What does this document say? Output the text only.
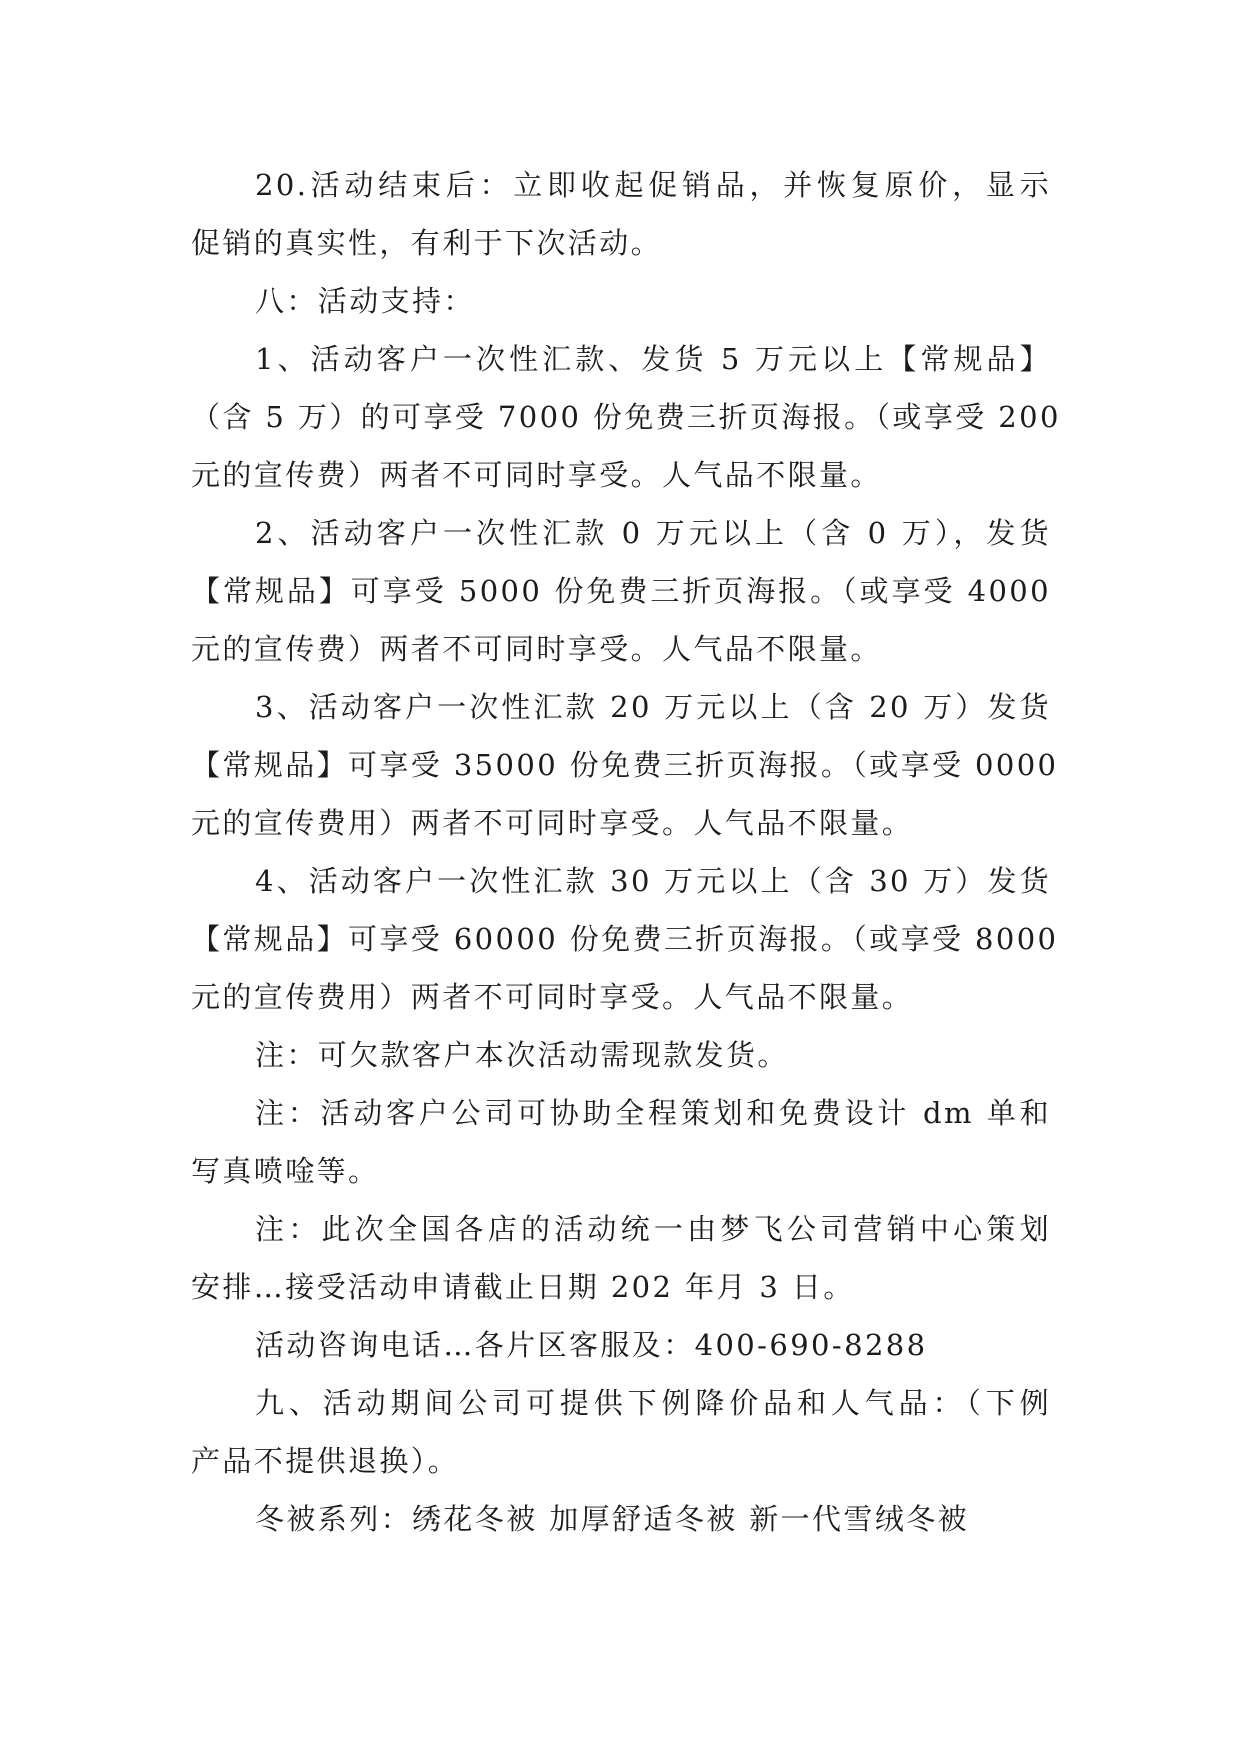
20.活动结束后：立即收起促销品，并恢复原价，显示
促销的真实性，有利于下次活动。
八：活动支持：
1、活动客户一次性汇款、发货 5 万元以上【常规品】
（含 5 万）的可享受 7000 份免费三折页海报。（或享受 200
元的宣传费）两者不可同时享受。人气品不限量。
2、活动客户一次性汇款 0 万元以上（含 0 万），发货
【常规品】可享受 5000 份免费三折页海报。（或享受 4000
元的宣传费）两者不可同时享受。人气品不限量。
3、活动客户一次性汇款 20 万元以上（含 20 万）发货
【常规品】可享受 35000 份免费三折页海报。（或享受 0000
元的宣传费用）两者不可同时享受。人气品不限量。
4、活动客户一次性汇款 30 万元以上（含 30 万）发货
【常规品】可享受 60000 份免费三折页海报。（或享受 8000
元的宣传费用）两者不可同时享受。人气品不限量。
注：可欠款客户本次活动需现款发货。
注：活动客户公司可协助全程策划和免费设计 dm 单和
写真喷唫等。
注：此次全国各店的活动统一由梦飞公司营销中心策划
安排…接受活动申请截止日期 202 年月 3 日。
活动咨询电话…各片区客服及：400-690-8288
九、活动期间公司可提供下例降价品和人气品：（下例
产品不提供退换）。
冬被系列：绣花冬被 加厚舒适冬被 新一代雪绒冬被
